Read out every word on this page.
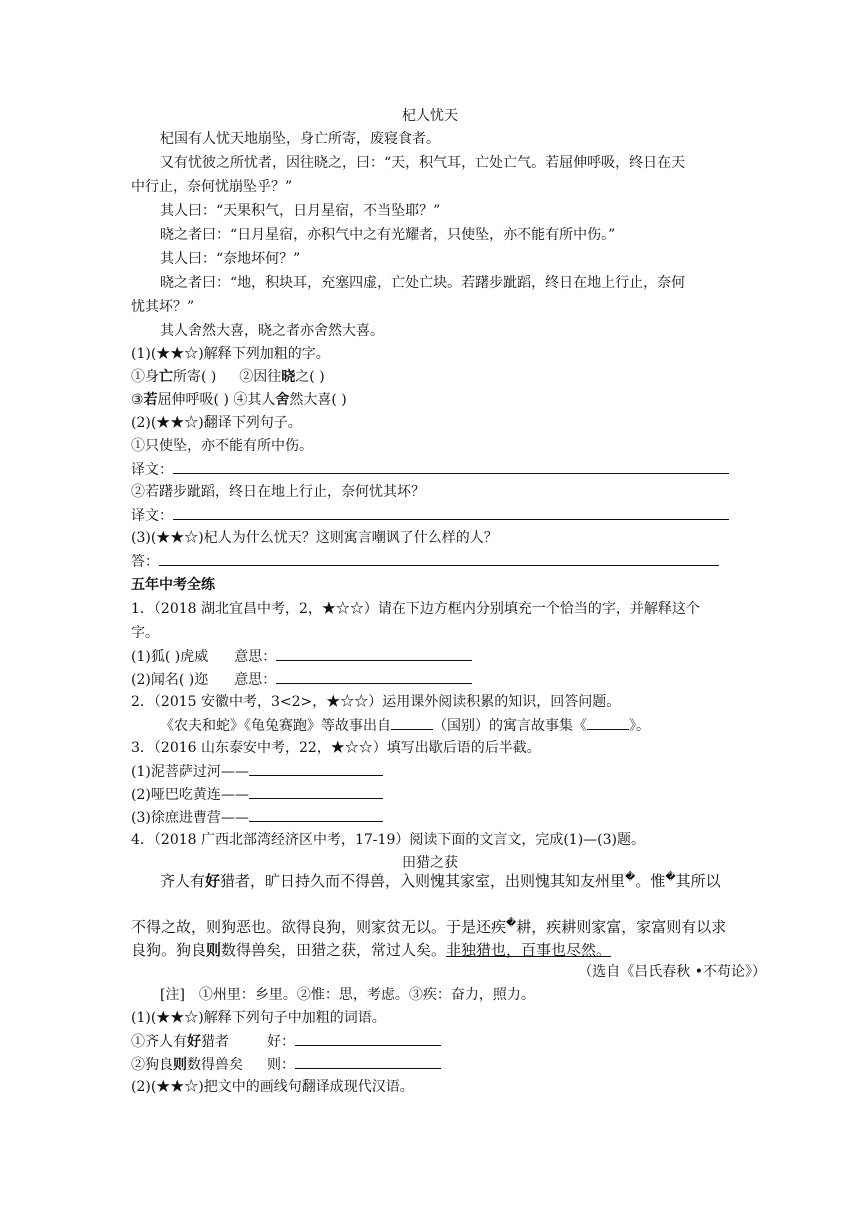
杞人忧天
杞国有人忧天地崩坠，身亡所寄，废寝食者。
又有忧彼之所忧者，因往晓之，曰：“天，积气耳，亡处亡气。若屈伸呼吸，终日在天
中行止，奈何忧崩坠乎？”
其人曰：“天果积气，日月星宿，不当坠耶？”
晓之者曰：“日月星宿，亦积气中之有光耀者，只使坠，亦不能有所中伤。”
其人曰：“奈地坏何？”
晓之者曰：“地，积块耳，充塞四虚，亡处亡块。若躇步跐蹈，终日在地上行止，奈何
忧其坏？”
其人舍然大喜，晓之者亦舍然大喜。
(1)(★★☆)解释下列加粗的字。
①身亡所寄( ) ②因往晓之( )
③若屈伸呼吸( ) ④其人舍然大喜( )
(2)(★★☆)翻译下列句子。
①只使坠，亦不能有所中伤。
译文：
②若躇步跐蹈，终日在地上行止，奈何忧其坏？
译文：
(3)(★★☆)杞人为什么忧天？这则寓言嘲讽了什么样的人？
答：
五年中考全练
1．（2018 湖北宜昌中考，2，★☆☆）请在下边方框内分别填充一个恰当的字，并解释这个
字。
(1)狐( )虎威 意思：
(2)闻名( )迩 意思：
2．（2015 安徽中考，3<2>，★☆☆）运用课外阅读积累的知识，回答问题。
《农夫和蛇》《龟兔赛跑》等故事出自	（国别）的寓言故事集《	》。
3．（2016 山东泰安中考，22，★☆☆）填写出歇后语的后半截。
(1)泥菩萨过河——
(2)哑巴吃黄连——
(3)徐庶进曹营——
4．（2018 广西北部湾经济区中考，17-19）阅读下面的文言文，完成(1)—(3)题。
田猎之获
齐人有好猎者，旷日持久而不得兽，入则愧其家室，出则愧其知友州里�。惟�其所以
不得之故，则狗恶也。欲得良狗，则家贫无以。于是还疾�耕，疾耕则家富，家富则有以求
良狗。狗良则数得兽矣，田猎之获，常过人矣。非独猎也，百事也尽然。
（选自《吕氏春秋 •不苟论》）
[注]　①州里：乡里。②惟：思，考虑。③疾：奋力，照力。
(1)(★★☆)解释下列句子中加粗的词语。
①齐人有好猎者	好：
②狗良则数得兽矣 则：
(2)(★★☆)把文中的画线句翻译成现代汉语。
